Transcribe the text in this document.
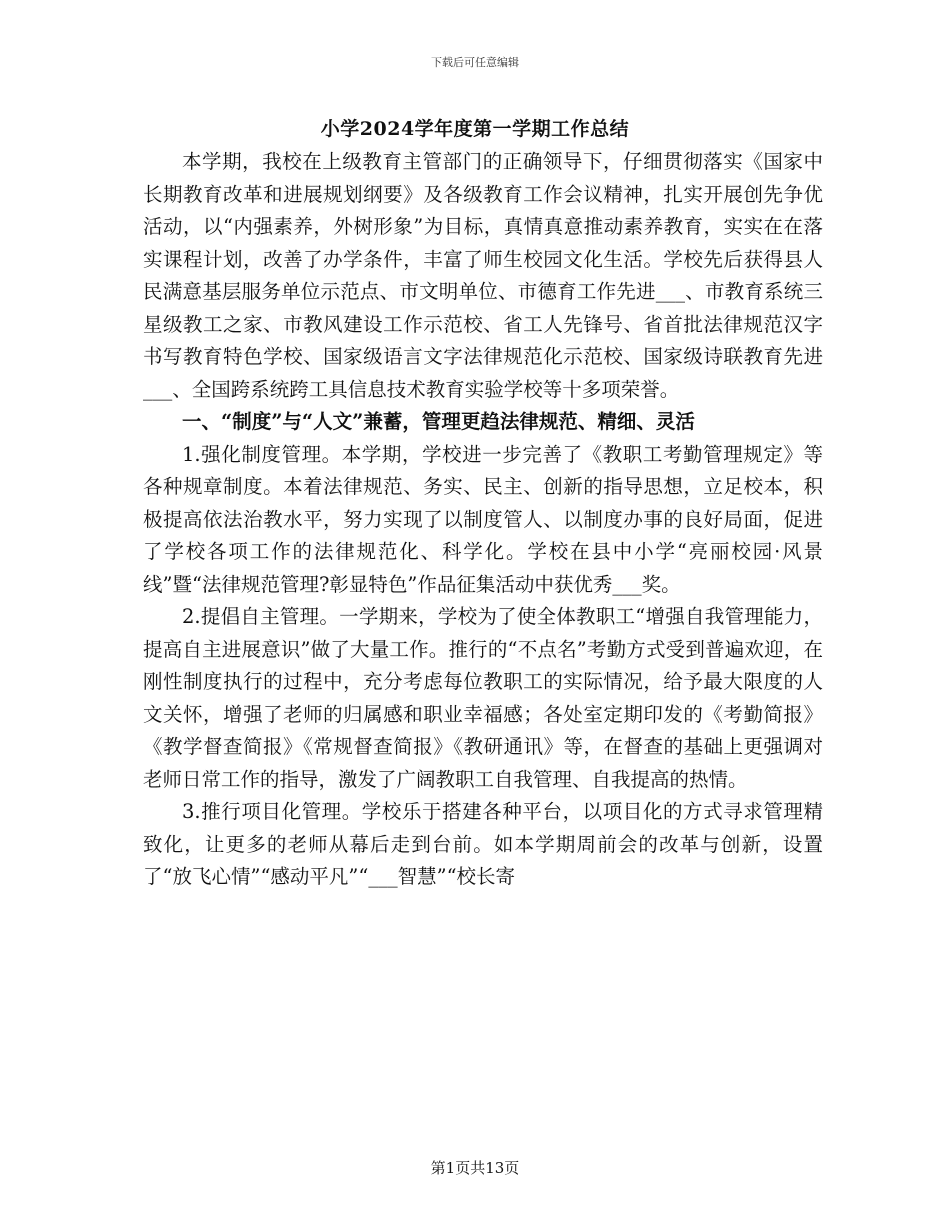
下载后可任意编辑
小学2024学年度第一学期工作总结

本学期，我校在上级教育主管部门的正确领导下，仔细贯彻落实《国家中长期教育改革和进展规划纲要》及各级教育工作会议精神，扎实开展创先争优活动，以“内强素养，外树形象”为目标，真情真意推动素养教育，实实在在落实课程计划，改善了办学条件，丰富了师生校园文化生活。学校先后获得县人民满意基层服务单位示范点、市文明单位、市德育工作先进___、市教育系统三星级教工之家、市教风建设工作示范校、省工人先锋号、省首批法律规范汉字书写教育特色学校、国家级语言文字法律规范化示范校、国家级诗联教育先进___、全国跨系统跨工具信息技术教育实验学校等十多项荣誉。

一、“制度”与“人文”兼蓄，管理更趋法律规范、精细、灵活

1.强化制度管理。本学期，学校进一步完善了《教职工考勤管理规定》等各种规章制度。本着法律规范、务实、民主、创新的指导思想，立足校本，积极提高依法治教水平，努力实现了以制度管人、以制度办事的良好局面，促进了学校各项工作的法律规范化、科学化。学校在县中小学“亮丽校园·风景线”暨“法律规范管理?彰显特色”作品征集活动中获优秀___奖。

2.提倡自主管理。一学期来，学校为了使全体教职工“增强自我管理能力，提高自主进展意识”做了大量工作。推行的“不点名”考勤方式受到普遍欢迎，在刚性制度执行的过程中，充分考虑每位教职工的实际情况，给予最大限度的人文关怀，增强了老师的归属感和职业幸福感；各处室定期印发的《考勤简报》《教学督查简报》《常规督查简报》《教研通讯》等，在督查的基础上更强调对老师日常工作的指导，激发了广阔教职工自我管理、自我提高的热情。

3.推行项目化管理。学校乐于搭建各种平台，以项目化的方式寻求管理精致化，让更多的老师从幕后走到台前。如本学期周前会的改革与创新，设置了“放飞心情”“感动平凡”“___智慧”“校长寄

第1页共13页
